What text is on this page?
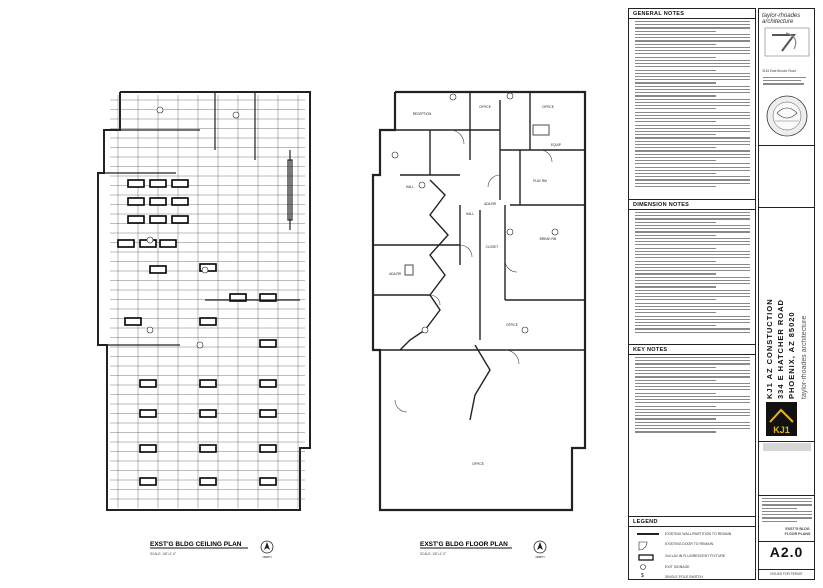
RECEPTION
OFFICE	OFFICE
EQUIP
HALL
HALL
PLAY RM
CLOSET
BREAK RM
ADA RR
ADA RR
OFFICE
OFFICE
EXST'G BLDG CEILING PLAN
SCALE: 1/8"=1'-0"
NORTH
EXST'G BLDG FLOOR PLAN
SCALE: 1/8"=1'-0"
NORTH
GENERAL NOTES
DIMENSION NOTES
KEY NOTES
LEGEND
$
EXISTING WALL/PARTITION TO REMAIN
EXISTING DOOR TO REMAIN
2x4 LAY-IN FLUORESCENT FIXTURE
EXIT SIGNAGE
SINGLE POLE SWITCH
taylor-rhoades architecture
3145 East Brooke Road
KJ1 AZ CONSTUCTION 334 E HATCHER ROAD PHOENIX, AZ 85020 taylor-rhoades architecture
KJ1
EXST'G BLDG FLOOR PLANS
A2.0
ISSUED FOR PERMIT
